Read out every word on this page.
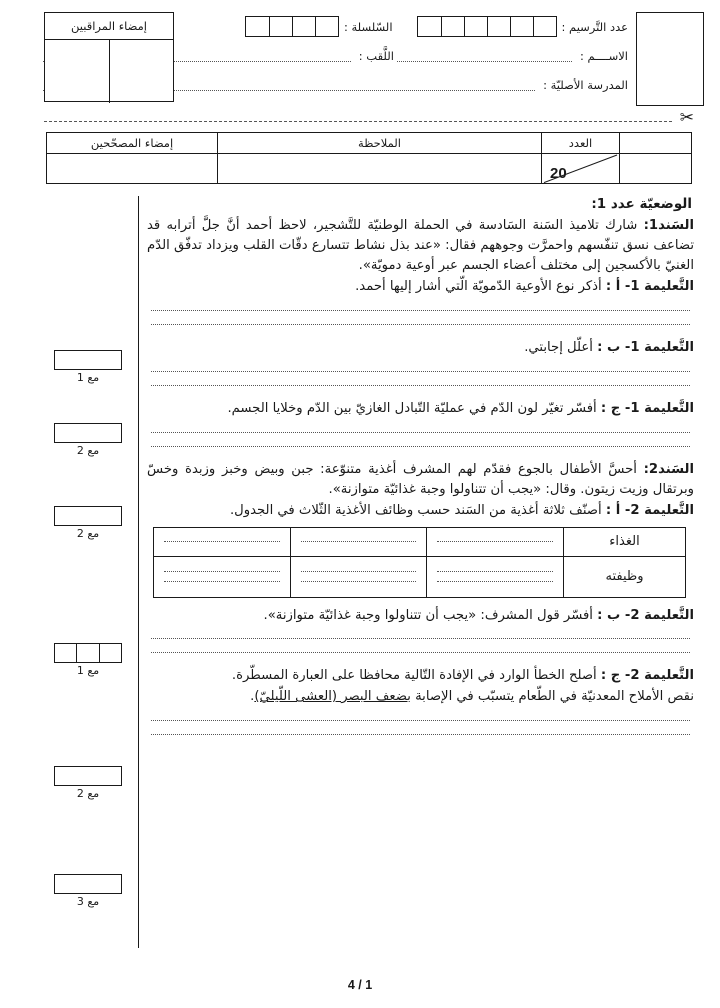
عدد التَّرسيم :
السّلسلة :
الاســــم :
اللَّقب :
المدرسة الأصليّة :
إمضاء المراقبين
✂
العدد
الملاحظة
إمضاء المصحّحين
20
مع 1
مع 2
مع 2
مع 1
مع 2
مع 3
الوضعيّة عدد 1:

السَند1: شارك تلاميذ السَنة السَادسة في الحملة الوطنيّة للتَّشجير، لاحظ أحمد أنَّ جلَّ أترابه قد تضاعف نسق تنفّسهم واحمرَّت وجوههم فقال: «عند بذل نشاط تتسارع دقّات القلب ويزداد تدفّق الدّم الغنيّ بالأكسجين إلى مختلف أعضاء الجسم عبر أوعية دمويّة».

التَّعليمة 1- أ : أذكر نوع الأوعية الدّمويّة الّتي أشار إليها أحمد.

التَّعليمة 1- ب : أعلّل إجابتي.

التَّعليمة 1- ج : أفسّر تغيّر لون الدّم في عمليّة التّبادل الغازيّ بين الدّم وخلايا الجسم.

السَند2: أحسَّ الأطفال بالجوع فقدّم لهم المشرف أغذية متنوّعة: جبن وبيض وخبز وزبدة وخسّ وبرتقال وزيت زيتون. وقال: «يجب أن تتناولوا وجبة غذائيّة متوازنة».

التَّعليمة 2- أ : أصنّف ثلاثة أغذية من السَند حسب وظائف الأغذية الثّلاث في الجدول.

الغذاء
وظيفته

التَّعليمة 2- ب : أفسّر قول المشرف: «يجب أن تتناولوا وجبة غذائيّة متوازنة».

التَّعليمة 2- ج : أصلح الخطأ الوارد في الإفادة التّالية محافظا على العبارة المسطّرة.

نقص الأملاح المعدنيّة في الطّعام يتسبّب في الإصابة بضعف البصر (العشى اللّيليّ).

1 / 4
